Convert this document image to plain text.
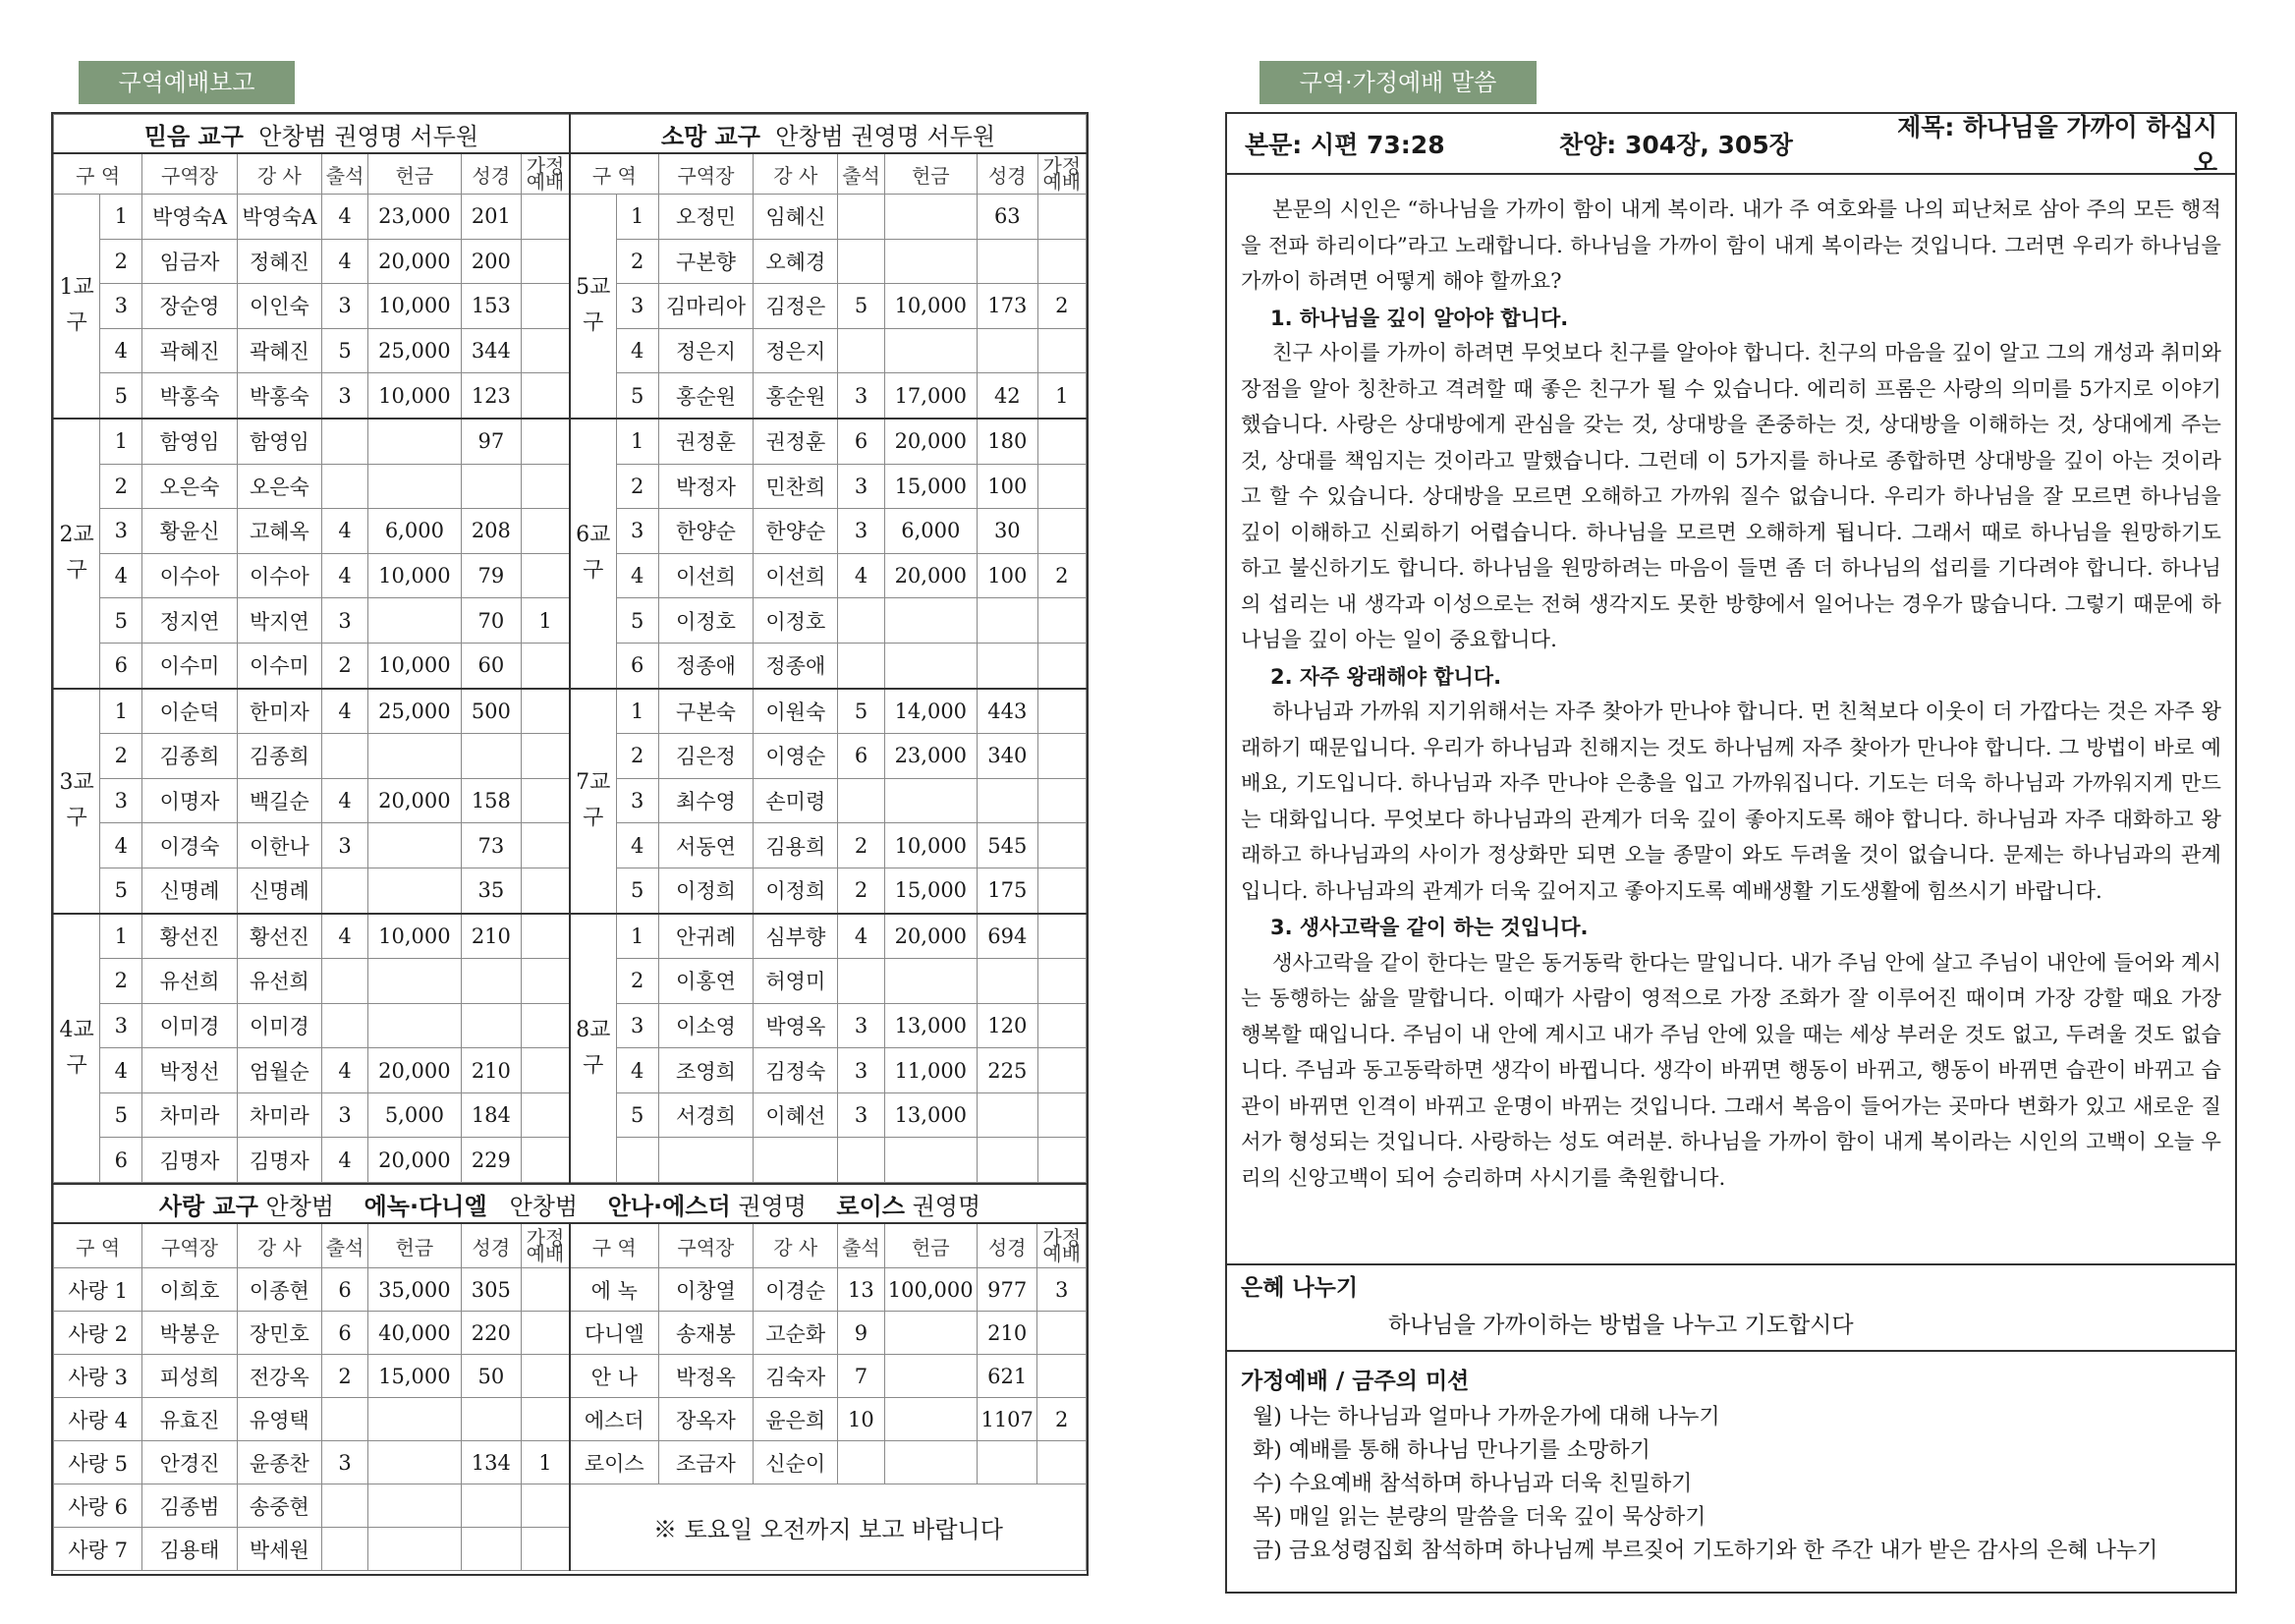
구역예배보고	구역·가정예배 말씀
믿음 교구 안창범 권영명 서두원								소망 교구 안창범 권영명 서두원							
구 역		구역장	강 사	출석	헌금	성경	가정예배	구 역		구역장	강 사	출석	헌금	성경	가정예배
1교구	1	박영숙A	박영숙A	4	23,000	201		5교구	1	오정민	임혜신			63	
	2	임금자	정혜진	4	20,000	200			2	구본향	오혜경				
	3	장순영	이인숙	3	10,000	153			3	김마리아	김정은	5	10,000	173	2
	4	곽혜진	곽혜진	5	25,000	344			4	정은지	정은지				
	5	박홍숙	박홍숙	3	10,000	123			5	홍순원	홍순원	3	17,000	42	1
2교구	1	함영임	함영임			97		6교구	1	권정훈	권정훈	6	20,000	180	
	2	오은숙	오은숙						2	박정자	민찬희	3	15,000	100	
	3	황윤신	고혜옥	4	6,000	208			3	한양순	한양순	3	6,000	30	
	4	이수아	이수아	4	10,000	79			4	이선희	이선희	4	20,000	100	2
	5	정지연	박지연	3		70	1		5	이정호	이정호				
	6	이수미	이수미	2	10,000	60			6	정종애	정종애				
3교구	1	이순덕	한미자	4	25,000	500		7교구	1	구본숙	이원숙	5	14,000	443	
	2	김종희	김종희						2	김은정	이영순	6	23,000	340	
	3	이명자	백길순	4	20,000	158			3	최수영	손미령				
	4	이경숙	이한나	3		73			4	서동연	김용희	2	10,000	545	
	5	신명례	신명례			35			5	이정희	이정희	2	15,000	175	
4교구	1	황선진	황선진	4	10,000	210		8교구	1	안귀례	심부향	4	20,000	694	
	2	유선희	유선희						2	이홍연	허영미				
	3	이미경	이미경						3	이소영	박영옥	3	13,000	120	
	4	박정선	엄월순	4	20,000	210			4	조영희	김정숙	3	11,000	225	
	5	차미라	차미라	3	5,000	184			5	서경희	이혜선	3	13,000		
	6	김명자	김명자	4	20,000	229									
사랑 교구 안창범 에녹·다니엘 안창범 안나·에스더 권영명 로이스 권영명													
구 역	구역장	강 사	출석	헌금	성경	가정예배	구 역	구역장	강 사	출석	헌금	성경	가정예배
사랑 1	이희호	이종현	6	35,000	305		에 녹	이창열	이경순	13	100,000	977	3
사랑 2	박봉운	장민호	6	40,000	220		다니엘	송재봉	고순화	9		210	
사랑 3	피성희	전강옥	2	15,000	50		안 나	박정옥	김숙자	7		621	
사랑 4	유효진	유영택					에스더	장옥자	윤은희	10		1107	2
사랑 5	안경진	윤종찬	3		134	1	로이스	조금자	신순이				
사랑 6	김종범	송중현					※ 토요일 오전까지 보고 바랍니다						
사랑 7	김용태	박세원											
본문: 시편 73:28	찬양: 304장, 305장
제목: 하나님을 가까이 하십시오

본문의 시인은 “하나님을 가까이 함이 내게 복이라. 내가 주 여호와를 나의 피난처로 삼아 주의 모든 행적을 전파 하리이다”라고 노래합니다. 하나님을 가까이 함이 내게 복이라는 것입니다. 그러면 우리가 하나님을 가까이 하려면 어떻게 해야 할까요?

1. 하나님을 깊이 알아야 합니다.

친구 사이를 가까이 하려면 무엇보다 친구를 알아야 합니다. 친구의 마음을 깊이 알고 그의 개성과 취미와 장점을 알아 칭찬하고 격려할 때 좋은 친구가 될 수 있습니다. 에리히 프롬은 사랑의 의미를 5가지로 이야기했습니다. 사랑은 상대방에게 관심을 갖는 것, 상대방을 존중하는 것, 상대방을 이해하는 것, 상대에게 주는 것, 상대를 책임지는 것이라고 말했습니다. 그런데 이 5가지를 하나로 종합하면 상대방을 깊이 아는 것이라고 할 수 있습니다. 상대방을 모르면 오해하고 가까워 질수 없습니다. 우리가 하나님을 잘 모르면 하나님을 깊이 이해하고 신뢰하기 어렵습니다. 하나님을 모르면 오해하게 됩니다. 그래서 때로 하나님을 원망하기도 하고 불신하기도 합니다. 하나님을 원망하려는 마음이 들면 좀 더 하나님의 섭리를 기다려야 합니다. 하나님의 섭리는 내 생각과 이성으로는 전혀 생각지도 못한 방향에서 일어나는 경우가 많습니다. 그렇기 때문에 하나님을 깊이 아는 일이 중요합니다.

2. 자주 왕래해야 합니다.

하나님과 가까워 지기위해서는 자주 찾아가 만나야 합니다. 먼 친척보다 이웃이 더 가깝다는 것은 자주 왕래하기 때문입니다. 우리가 하나님과 친해지는 것도 하나님께 자주 찾아가 만나야 합니다. 그 방법이 바로 예배요, 기도입니다. 하나님과 자주 만나야 은총을 입고 가까워집니다. 기도는 더욱 하나님과 가까워지게 만드는 대화입니다. 무엇보다 하나님과의 관계가 더욱 깊이 좋아지도록 해야 합니다. 하나님과 자주 대화하고 왕래하고 하나님과의 사이가 정상화만 되면 오늘 종말이 와도 두려울 것이 없습니다. 문제는 하나님과의 관계입니다. 하나님과의 관계가 더욱 깊어지고 좋아지도록 예배생활 기도생활에 힘쓰시기 바랍니다.

3. 생사고락을 같이 하는 것입니다.

생사고락을 같이 한다는 말은 동거동락 한다는 말입니다. 내가 주님 안에 살고 주님이 내안에 들어와 계시는 동행하는 삶을 말합니다. 이때가 사람이 영적으로 가장 조화가 잘 이루어진 때이며 가장 강할 때요 가장 행복할 때입니다. 주님이 내 안에 계시고 내가 주님 안에 있을 때는 세상 부러운 것도 없고, 두려울 것도 없습니다. 주님과 동고동락하면 생각이 바뀝니다. 생각이 바뀌면 행동이 바뀌고, 행동이 바뀌면 습관이 바뀌고 습관이 바뀌면 인격이 바뀌고 운명이 바뀌는 것입니다. 그래서 복음이 들어가는 곳마다 변화가 있고 새로운 질서가 형성되는 것입니다. 사랑하는 성도 여러분. 하나님을 가까이 함이 내게 복이라는 시인의 고백이 오늘 우리의 신앙고백이 되어 승리하며 사시기를 축원합니다.

은혜 나누기
하나님을 가까이하는 방법을 나누고 기도합시다
가정예배 / 금주의 미션
월) 나는 하나님과 얼마나 가까운가에 대해 나누기
화) 예배를 통해 하나님 만나기를 소망하기
수) 수요예배 참석하며 하나님과 더욱 친밀하기
목) 매일 읽는 분량의 말씀을 더욱 깊이 묵상하기
금) 금요성령집회 참석하며 하나님께 부르짖어 기도하기와 한 주간 내가 받은 감사의 은혜 나누기
